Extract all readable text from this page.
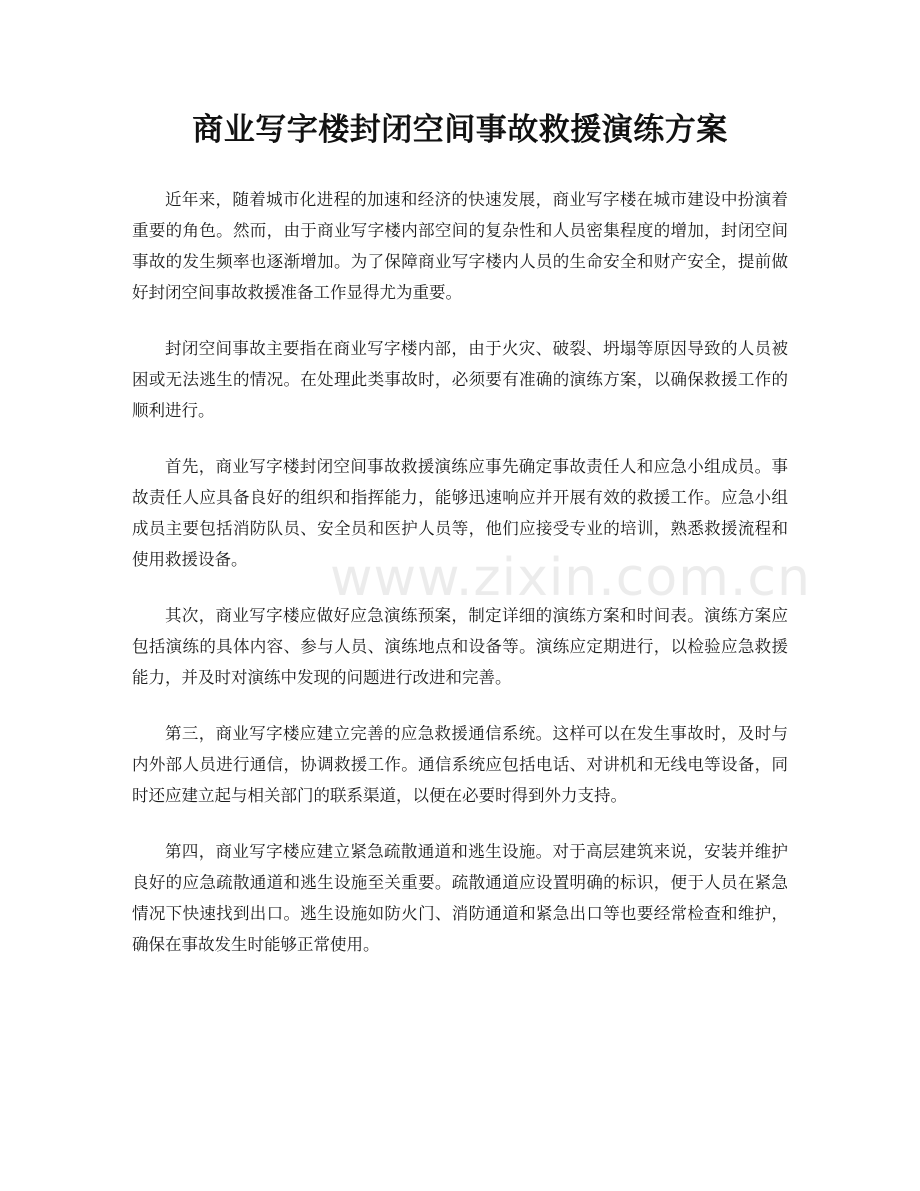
商业写字楼封闭空间事故救援演练方案

近年来，随着城市化进程的加速和经济的快速发展，商业写字楼在城市建设中扮演着重要的角色。然而，由于商业写字楼内部空间的复杂性和人员密集程度的增加，封闭空间事故的发生频率也逐渐增加。为了保障商业写字楼内人员的生命安全和财产安全，提前做好封闭空间事故救援准备工作显得尤为重要。

封闭空间事故主要指在商业写字楼内部，由于火灾、破裂、坍塌等原因导致的人员被困或无法逃生的情况。在处理此类事故时，必须要有准确的演练方案，以确保救援工作的顺利进行。

首先，商业写字楼封闭空间事故救援演练应事先确定事故责任人和应急小组成员。事故责任人应具备良好的组织和指挥能力，能够迅速响应并开展有效的救援工作。应急小组成员主要包括消防队员、安全员和医护人员等，他们应接受专业的培训，熟悉救援流程和使用救援设备。

其次，商业写字楼应做好应急演练预案，制定详细的演练方案和时间表。演练方案应包括演练的具体内容、参与人员、演练地点和设备等。演练应定期进行，以检验应急救援能力，并及时对演练中发现的问题进行改进和完善。

第三，商业写字楼应建立完善的应急救援通信系统。这样可以在发生事故时，及时与内外部人员进行通信，协调救援工作。通信系统应包括电话、对讲机和无线电等设备，同时还应建立起与相关部门的联系渠道，以便在必要时得到外力支持。

第四，商业写字楼应建立紧急疏散通道和逃生设施。对于高层建筑来说，安装并维护良好的应急疏散通道和逃生设施至关重要。疏散通道应设置明确的标识，便于人员在紧急情况下快速找到出口。逃生设施如防火门、消防通道和紧急出口等也要经常检查和维护，确保在事故发生时能够正常使用。

www.zixin.com.cn
